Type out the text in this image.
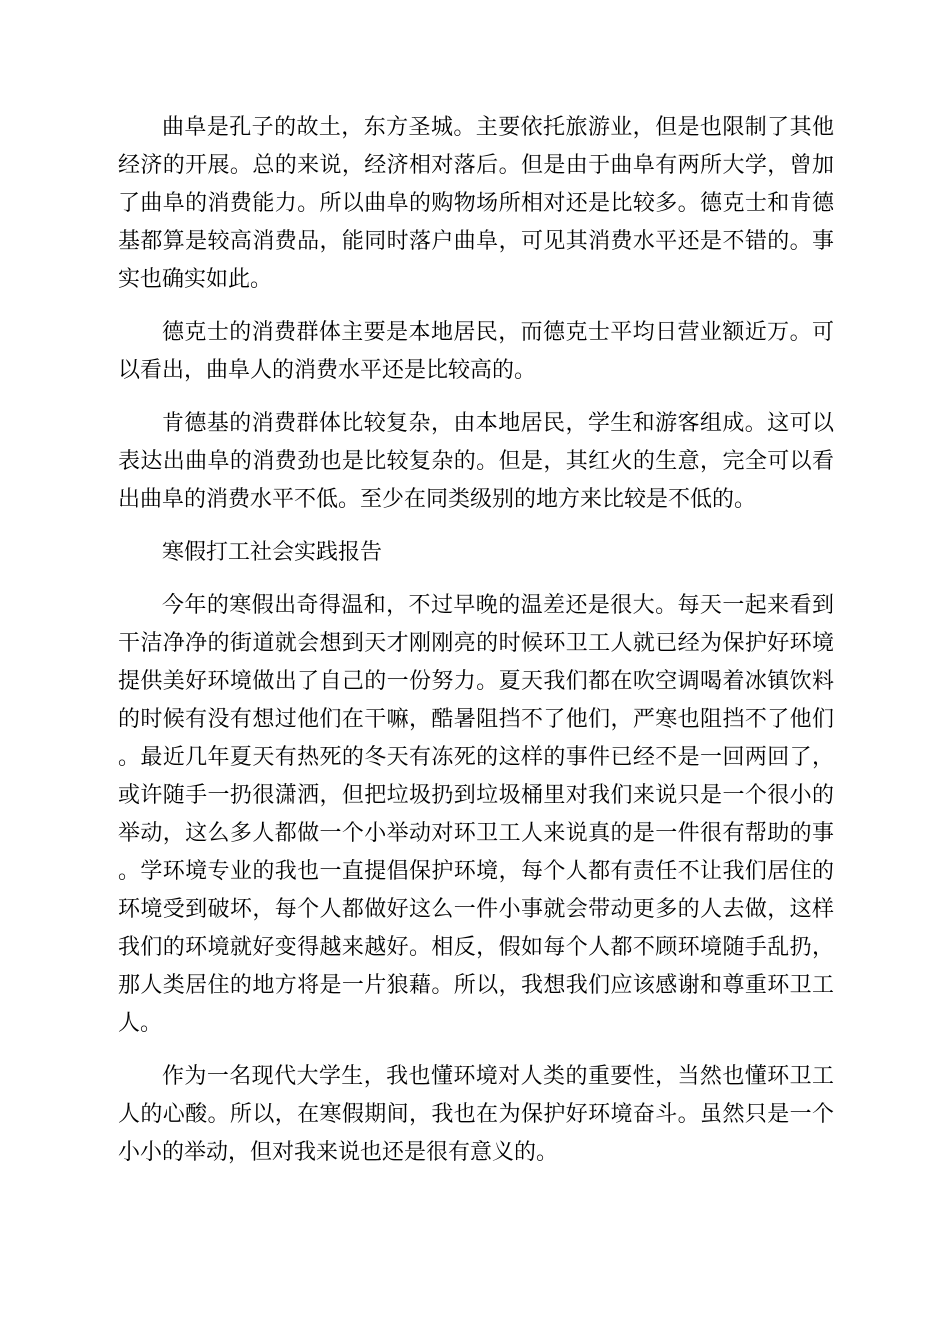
曲阜是孔子的故土，东方圣城。主要依托旅游业，但是也限制了其他经济的开展。总的来说，经济相对落后。但是由于曲阜有两所大学，曾加了曲阜的消费能力。所以曲阜的购物场所相对还是比较多。德克士和肯德基都算是较高消费品，能同时落户曲阜，可见其消费水平还是不错的。事实也确实如此。

德克士的消费群体主要是本地居民，而德克士平均日营业额近万。可以看出，曲阜人的消费水平还是比较高的。

肯德基的消费群体比较复杂，由本地居民，学生和游客组成。这可以表达出曲阜的消费劲也是比较复杂的。但是，其红火的生意，完全可以看出曲阜的消费水平不低。至少在同类级别的地方来比较是不低的。

寒假打工社会实践报告

今年的寒假出奇得温和，不过早晚的温差还是很大。每天一起来看到干洁净净的街道就会想到天才刚刚亮的时候环卫工人就已经为保护好环境提供美好环境做出了自己的一份努力。夏天我们都在吹空调喝着冰镇饮料的时候有没有想过他们在干嘛，酷暑阻挡不了他们，严寒也阻挡不了他们。最近几年夏天有热死的冬天有冻死的这样的事件已经不是一回两回了，或许随手一扔很潇洒，但把垃圾扔到垃圾桶里对我们来说只是一个很小的举动，这么多人都做一个小举动对环卫工人来说真的是一件很有帮助的事。学环境专业的我也一直提倡保护环境，每个人都有责任不让我们居住的环境受到破坏，每个人都做好这么一件小事就会带动更多的人去做，这样我们的环境就好变得越来越好。相反，假如每个人都不顾环境随手乱扔，那人类居住的地方将是一片狼藉。所以，我想我们应该感谢和尊重环卫工人。

作为一名现代大学生，我也懂环境对人类的重要性，当然也懂环卫工人的心酸。所以，在寒假期间，我也在为保护好环境奋斗。虽然只是一个小小的举动，但对我来说也还是很有意义的。
